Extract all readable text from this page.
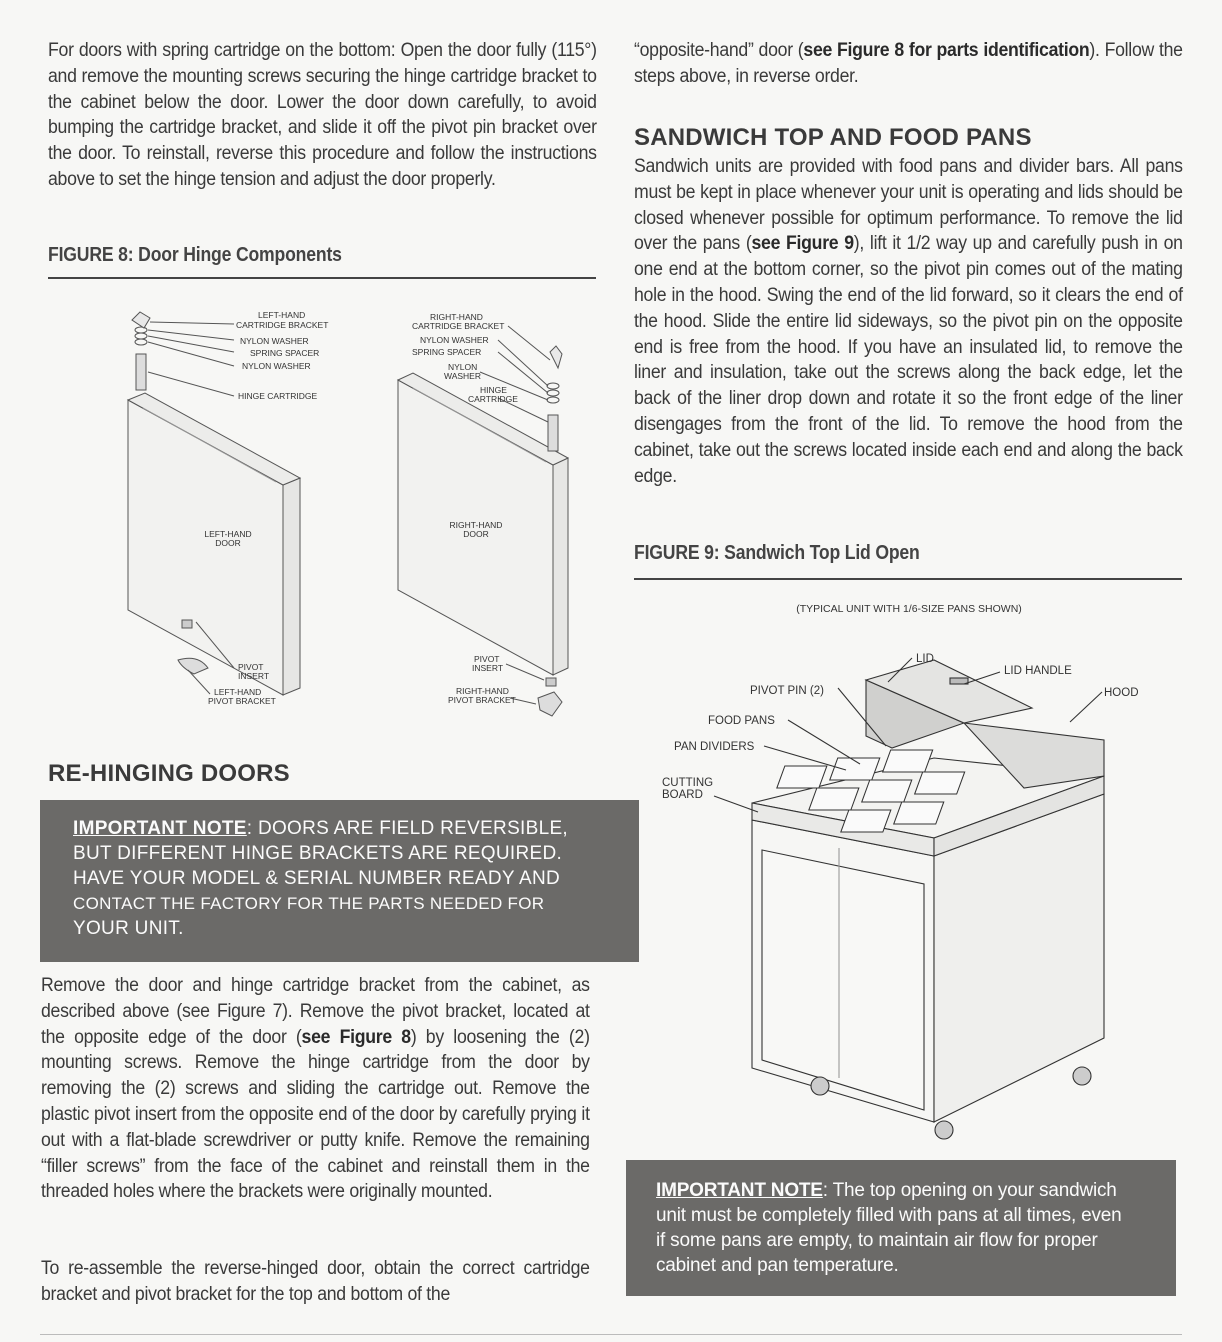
For doors with spring cartridge on the bottom: Open the door fully (115°) and remove the mounting screws securing the hinge cartridge bracket to the cabinet below the door. Lower the door down carefully, to avoid bumping the cartridge bracket, and slide it off the pivot pin bracket over the door. To reinstall, reverse this procedure and follow the instructions above to set the hinge tension and adjust the door properly.

FIGURE 8: Door Hinge Components

LEFT-HAND CARTRIDGE BRACKET
NYLON WASHER
SPRING SPACER
NYLON WASHER
HINGE CARTRIDGE
LEFT-HAND DOOR
PIVOT INSERT
LEFT-HAND PIVOT BRACKET
RIGHT-HAND CARTRIDGE BRACKET
NYLON WASHER
SPRING SPACER
NYLON WASHER
HINGE CARTRIDGE
RIGHT-HAND DOOR
PIVOT INSERT
RIGHT-HAND PIVOT BRACKET
RE-HINGING DOORS
IMPORTANT NOTE: DOORS ARE FIELD REVERSIBLE,
BUT DIFFERENT HINGE BRACKETS ARE REQUIRED.
HAVE YOUR MODEL & SERIAL NUMBER READY AND
CONTACT THE FACTORY FOR THE PARTS NEEDED FOR
YOUR UNIT.

Remove the door and hinge cartridge bracket from the cabinet, as described above (see Figure 7). Remove the pivot bracket, located at the opposite edge of the door (see Figure 8) by loosening the (2) mounting screws. Remove the hinge cartridge from the door by removing the (2) screws and sliding the cartridge out. Remove the plastic pivot insert from the opposite end of the door by carefully prying it out with a flat-blade screwdriver or putty knife. Remove the remaining “filler screws” from the face of the cabinet and reinstall them in the threaded holes where the brackets were originally mounted.

To re-assemble the reverse-hinged door, obtain the correct cartridge bracket and pivot bracket for the top and bottom of the

“opposite-hand” door (see Figure 8 for parts identification). Follow the steps above, in reverse order.

SANDWICH TOP AND FOOD PANS

Sandwich units are provided with food pans and divider bars. All pans must be kept in place whenever your unit is operating and lids should be closed whenever possible for optimum performance. To remove the lid over the pans (see Figure 9), lift it 1/2 way up and carefully push in on one end at the bottom corner, so the pivot pin comes out of the mating hole in the hood. Swing the end of the lid forward, so it clears the end of the hood. Slide the entire lid sideways, so the pivot pin on the opposite end is free from the hood. If you have an insulated lid, to remove the liner and insulation, take out the screws along the back edge, let the back of the liner drop down and rotate it so the front edge of the liner disengages from the front of the lid. To remove the hood from the cabinet, take out the screws located inside each end and along the back edge.

FIGURE 9: Sandwich Top Lid Open

(TYPICAL UNIT WITH 1/6-SIZE PANS SHOWN)
LID
LID HANDLE
HOOD
PIVOT PIN (2)
FOOD PANS
PAN DIVIDERS
CUTTING BOARD
IMPORTANT NOTE: The top opening on your sandwich
unit must be completely filled with pans at all times, even
if some pans are empty, to maintain air flow for proper
cabinet and pan temperature.
